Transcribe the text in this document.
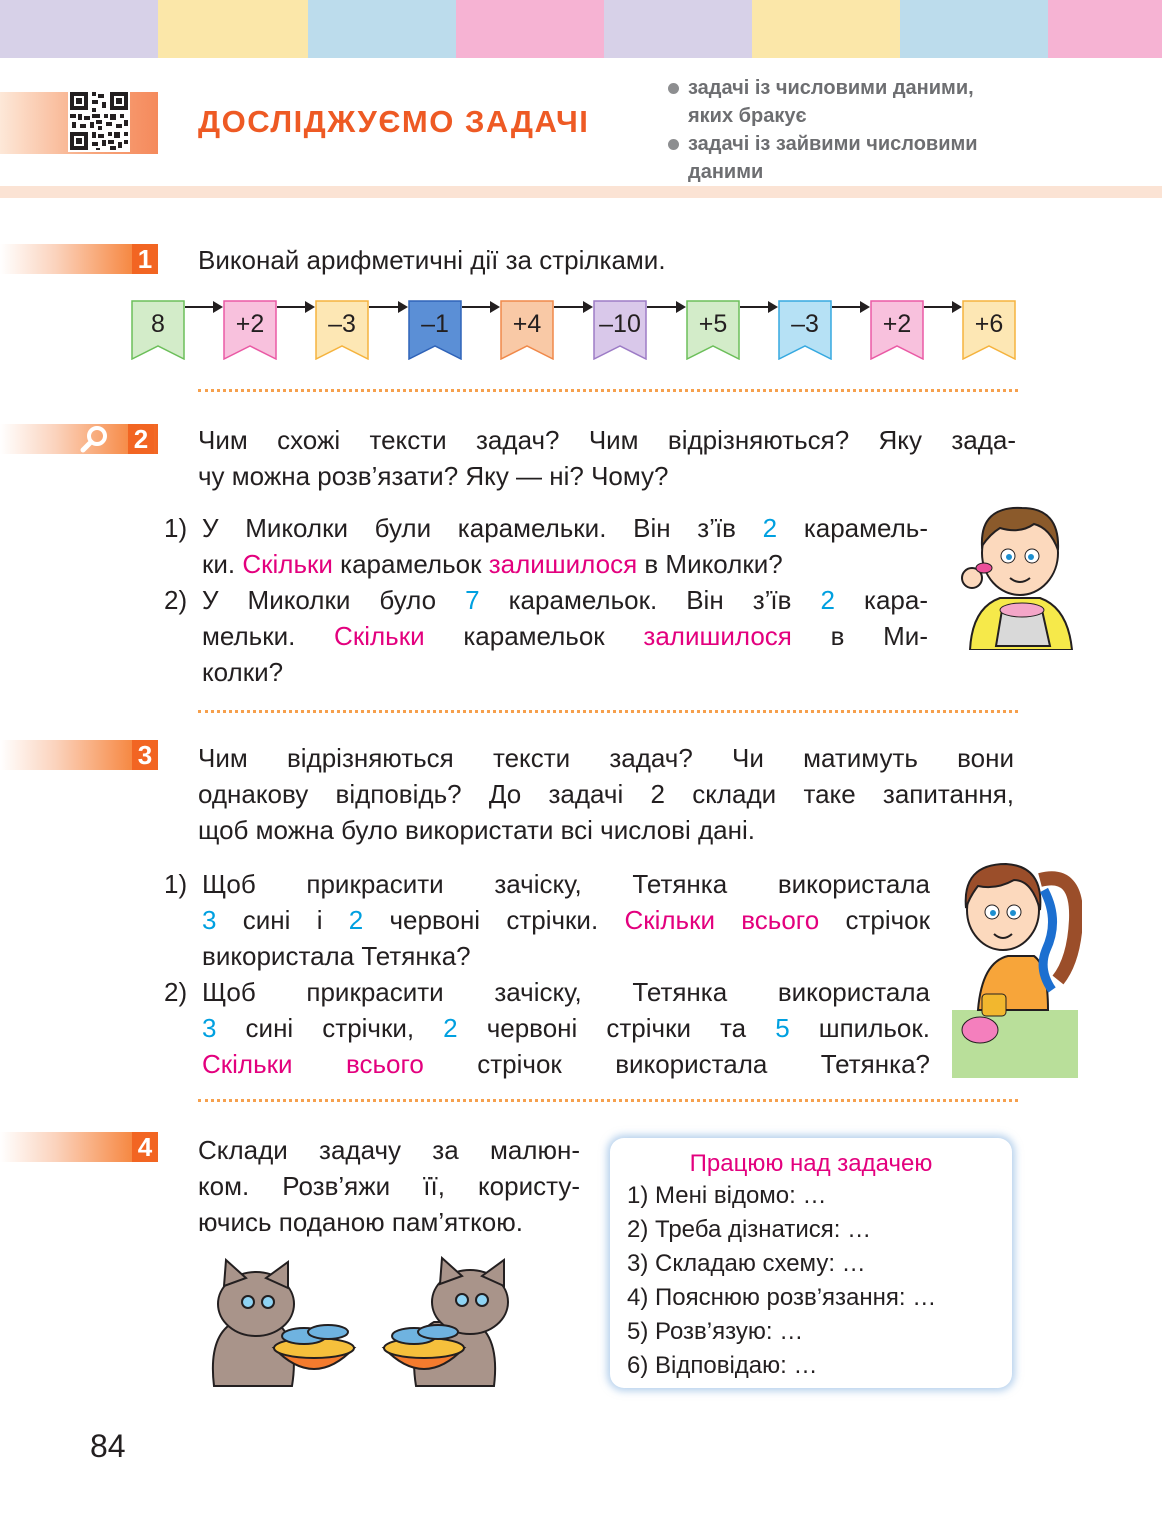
ДОСЛІДЖУЄМО ЗАДАЧІ
задачі із числовими даними,
яких бракує
задачі із зайвими числовими
даними
1 Виконай арифметичні дії за стрілками.
8	+2	–3	–1	+4	–10	+5	–3	+2	+6
2 Чим схожі тексти задач? Чим відрізняються? Яку зада-
чу можна розв’язати? Яку — ні? Чому?
1) У Миколки були карамельки. Він з’їв 2 карамель-
ки. Скільки карамельок залишилося в Миколки?
2) У Миколки було 7 карамельок. Він з’їв 2 кара-
мельки. Скільки карамельок залишилося в Ми-
колки?
3 Чим відрізняються тексти задач? Чи матимуть вони
однакову відповідь? До задачі 2 склади таке запитання,
щоб можна було використати всі числові дані.
1) Щоб прикрасити зачіску, Тетянка використала
3 сині і 2 червоні стрічки. Скільки всього стрічок
використала Тетянка?
2) Щоб прикрасити зачіску, Тетянка використала
3 сині стрічки, 2 червоні стрічки та 5 шпильок.
Скільки всього стрічок використала Тетянка?
4 Склади задачу за малюн-
ком. Розв’яжи її, користу-
ючись поданою пам’яткою.
Працюю над задачею
1) Мені відомо: …
2) Треба дізнатися: …
3) Складаю схему: …
4) Пояснюю розв’язання: …
5) Розв’язую: …
6) Відповідаю: …
84
